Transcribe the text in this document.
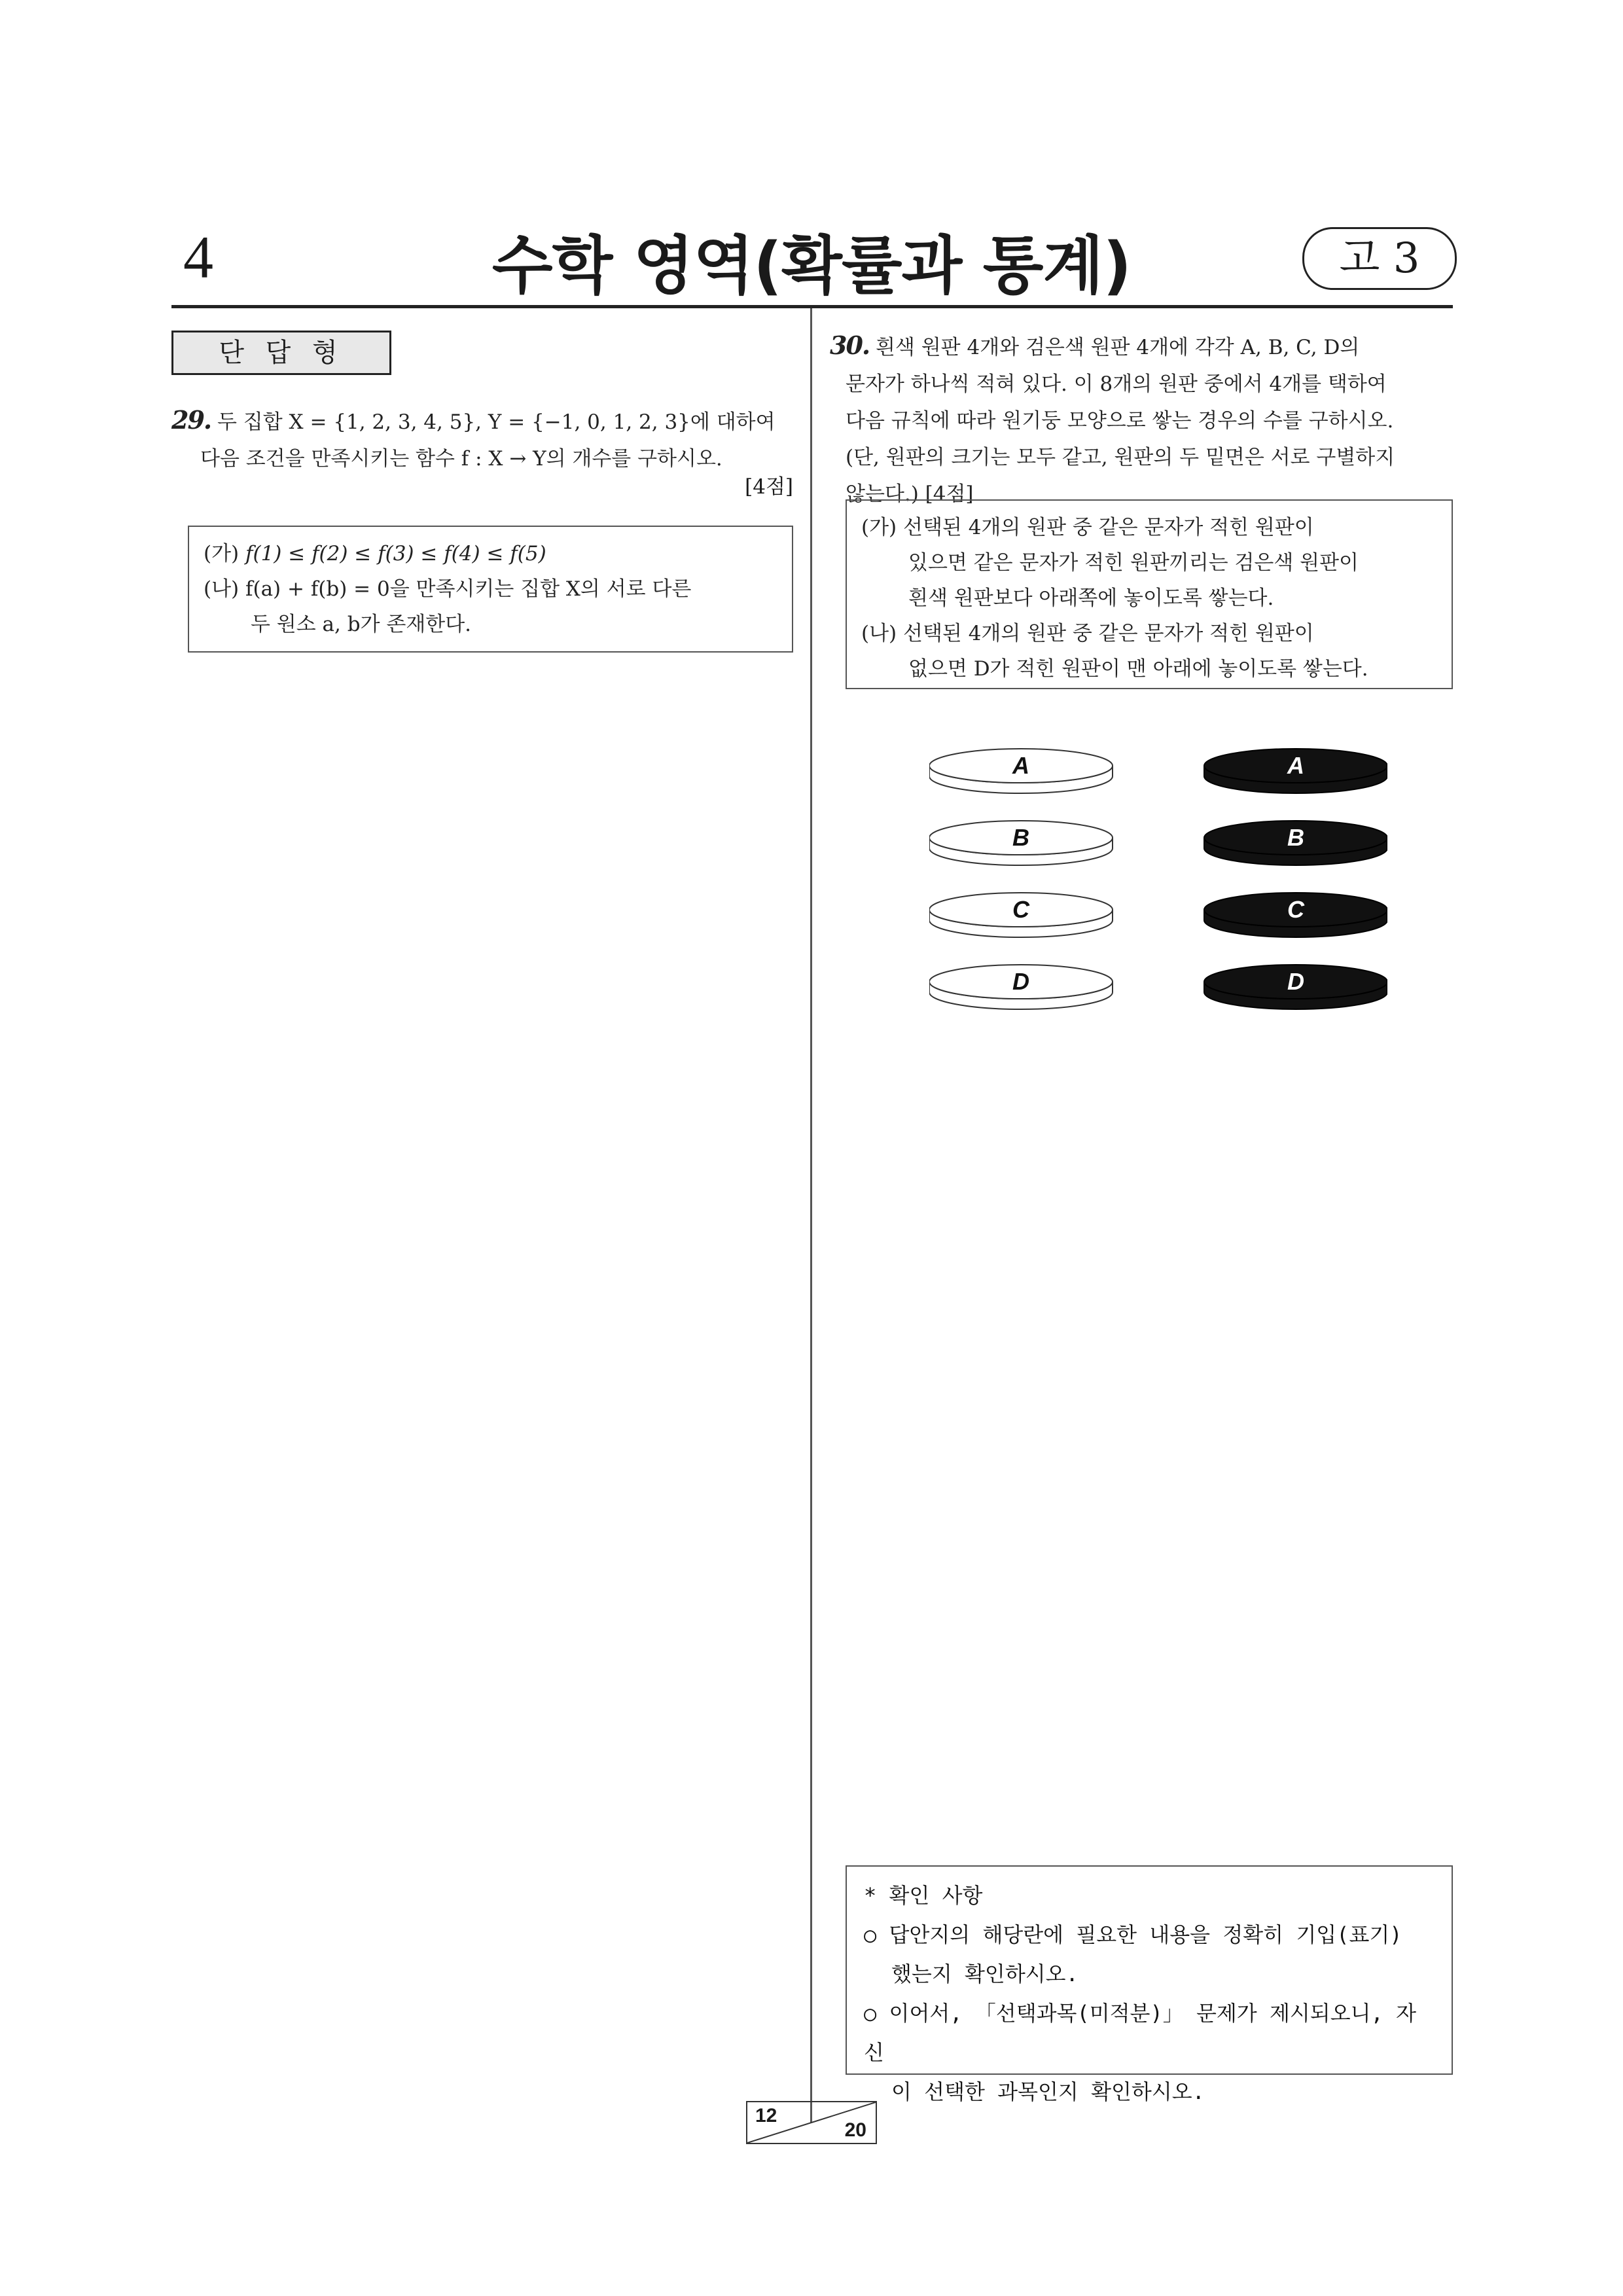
4	수학 영역(확률과 통계)	고 3
단 답 형
29. 두 집합 X = {1, 2, 3, 4, 5}, Y = {−1, 0, 1, 2, 3}에 대하여
다음 조건을 만족시키는 함수 f : X → Y의 개수를 구하시오.
[4점]
(가) f(1) ≤ f(2) ≤ f(3) ≤ f(4) ≤ f(5)
(나) f(a) + f(b) = 0을 만족시키는 집합 X의 서로 다른
두 원소 a, b가 존재한다.
30. 흰색 원판 4개와 검은색 원판 4개에 각각 A, B, C, D의
문자가 하나씩 적혀 있다. 이 8개의 원판 중에서 4개를 택하여
다음 규칙에 따라 원기둥 모양으로 쌓는 경우의 수를 구하시오.
(단, 원판의 크기는 모두 같고, 원판의 두 밑면은 서로 구별하지
않는다.) [4점]
(가) 선택된 4개의 원판 중 같은 문자가 적힌 원판이
있으면 같은 문자가 적힌 원판끼리는 검은색 원판이
흰색 원판보다 아래쪽에 놓이도록 쌓는다.
(나) 선택된 4개의 원판 중 같은 문자가 적힌 원판이
없으면 D가 적힌 원판이 맨 아래에 놓이도록 쌓는다.
A	A
B	B
C	C
D	D
* 확인 사항
○ 답안지의 해당란에 필요한 내용을 정확히 기입(표기)
했는지 확인하시오.
○ 이어서, 「선택과목(미적분)」 문제가 제시되오니, 자신
이 선택한 과목인지 확인하시오.
12
20
